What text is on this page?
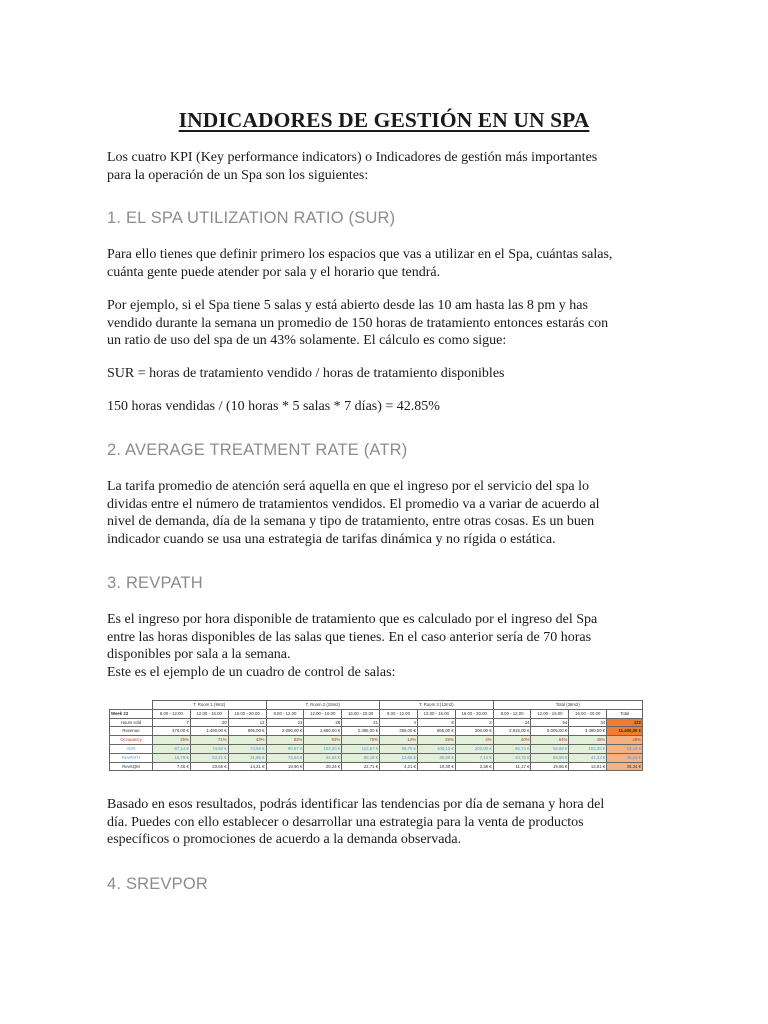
INDICADORES DE GESTIÓN EN UN SPA

Los cuatro KPI (Key performance indicators) o Indicadores de gestión más importantes
para la operación de un Spa son los siguientes:

1. EL SPA UTILIZATION RATIO (SUR)

Para ello tienes que definir primero los espacios que vas a utilizar en el Spa, cuántas salas,
cuánta gente puede atender por sala y el horario que tendrá.

Por ejemplo, si el Spa tiene 5 salas y está abierto desde las 10 am hasta las 8 pm y has
vendido durante la semana un promedio de 150 horas de tratamiento entonces estarás con
un ratio de uso del spa de un 43% solamente. El cálculo es como sigue:

SUR = horas de tratamiento vendido / horas de tratamiento disponibles

150 horas vendidas / (10 horas * 5 salas * 7 días) = 42.85%

2. AVERAGE TREATMENT RATE (ATR)

La tarifa promedio de atención será aquella en que el ingreso por el servicio del spa lo
dividas entre el número de tratamientos vendidos. El promedio va a variar de acuerdo al
nivel de demanda, día de la semana y tipo de tratamiento, entre otras cosas. Es un buen
indicador cuando se usa una estrategia de tarifas dinámica y no rígida o estática.

3. REVPATH

Es el ingreso por hora disponible de tratamiento que es calculado por el ingreso del Spa
entre las horas disponibles de las salas que tienes. En el caso anterior sería de 70 horas
disponibles por sala a la semana.
Este es el ejemplo de un cuadro de control de salas:

	T. Room 1 (9m2)			T. Room 2 (15m2)			T. Room 3 (12m2)			Total (36m2)			
Week 23	8.00 - 12.00	12.00 - 16.00	16.00 - 20.00	8.00 - 12.00	12.00 - 16.00	16.00 - 20.00	8.00 - 12.00	12.00 - 16.00	16.00 - 20.00	8.00 - 12.00	12.00 - 16.00	16.00 - 20.00	Total
Hours sold	7	20	12	23	28	21	4	8	3	34	54	34	122
Revenue	470,00 €	1.490,00 €	895,00 €	2.090,00 €	1.650,00 €	2.385,00 €	355,00 €	865,00 €	200,00 €	2.915,00 €	5.005,00 €	3.480,00 €	11.400,00 €
Occupancy	25%	71%	43%	82%	93%	75%	14%	29%	4%	40%	64%	46%	48%
ADR	67,14 €	74,50 €	74,58 €	90,87 €	103,30 €	113,57 €	88,75 €	108,13 €	200,00 €	85,74 €	92,69 €	102,35 €	93,44 €
RevPATH	16,79 €	53,21 €	31,96 €	74,64 €	94,64 €	85,18 €	12,68 €	30,89 €	7,14 €	34,70 €	59,58 €	41,43 €	45,24 €
RevSQM	7,46 €	23,65 €	14,21 €	19,90 €	25,24 €	22,71 €	4,21 €	10,30 €	2,38 €	11,17 €	19,86 €	13,81 €	45,24 €

Basado en esos resultados, podrás identificar las tendencias por día de semana y hora del
día. Puedes con ello establecer o desarrollar una estrategia para la venta de productos
específicos o promociones de acuerdo a la demanda observada.

4. SREVPOR
